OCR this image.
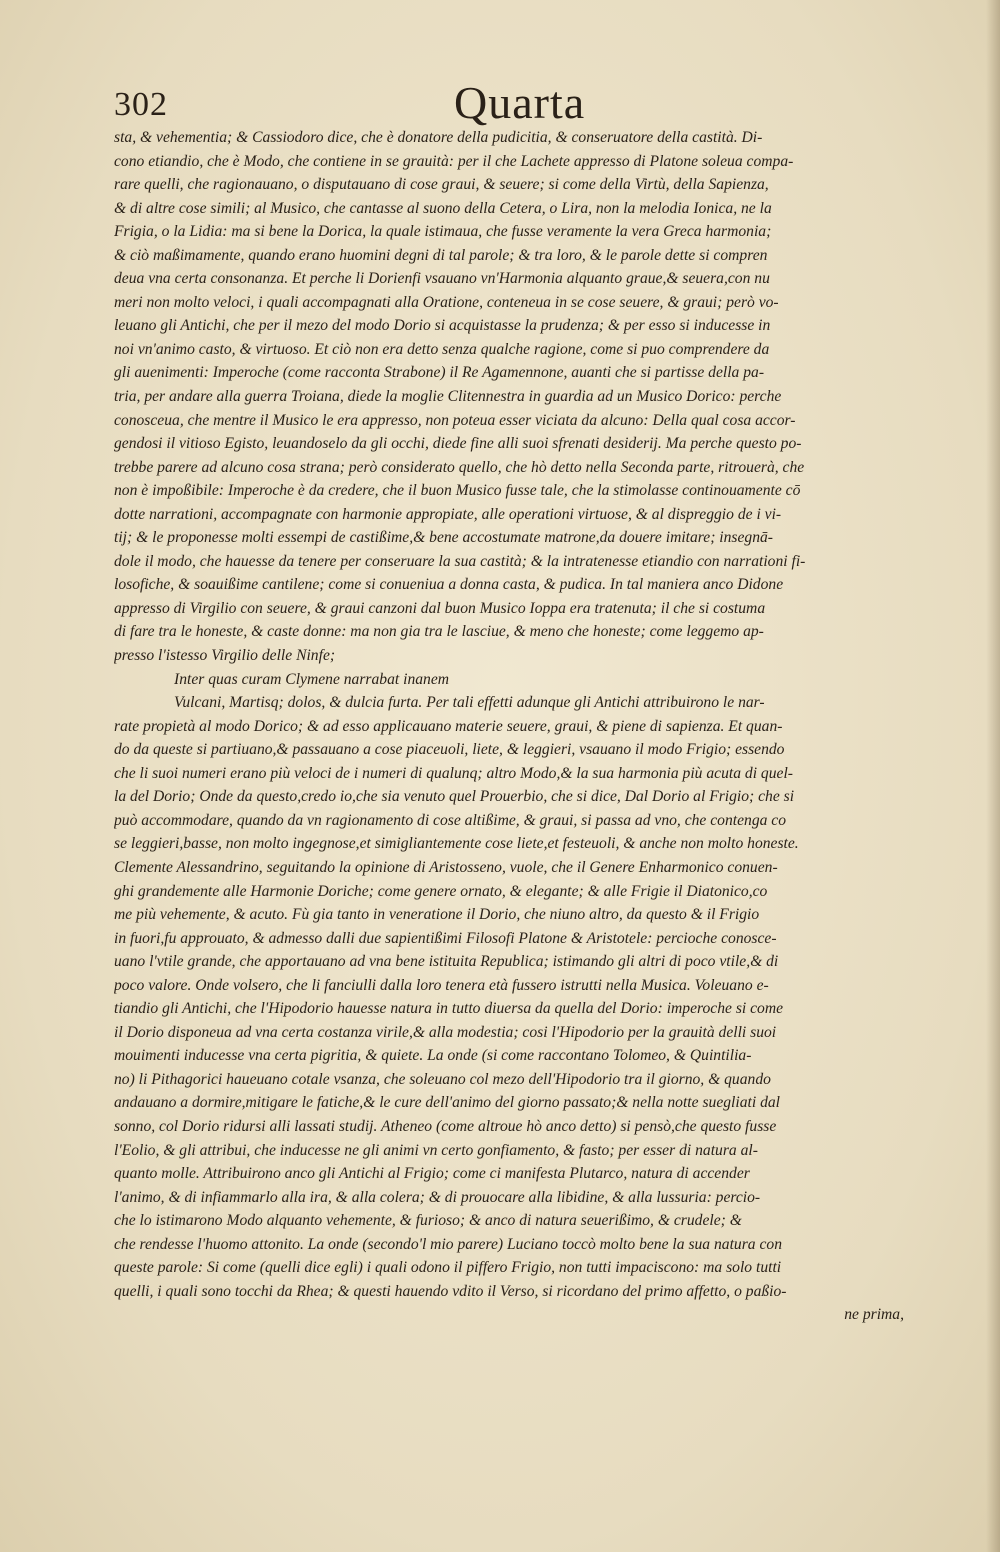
302	Quarta
sta, & vehementia; & Cassiodoro dice, che è donatore della pudicitia, & conseruatore della castità. Di-
cono etiandio, che è Modo, che contiene in se grauità: per il che Lachete appresso di Platone soleua compa-
rare quelli, che ragionauano, o disputauano di cose graui, & seuere; si come della Virtù, della Sapienza,
& di altre cose simili; al Musico, che cantasse al suono della Cetera, o Lira, non la melodia Ionica, ne la
Frigia, o la Lidia: ma si bene la Dorica, la quale istimaua, che fusse veramente la vera Greca harmonia;
& ciò maßimamente, quando erano huomini degni di tal parole; & tra loro, & le parole dette si compren
deua vna certa consonanza. Et perche li Dorienfi vsauano vn'Harmonia alquanto graue,& seuera,con nu
meri non molto veloci, i quali accompagnati alla Oratione, conteneua in se cose seuere, & graui; però vo-
leuano gli Antichi, che per il mezo del modo Dorio si acquistasse la prudenza; & per esso si inducesse in
noi vn'animo casto, & virtuoso. Et ciò non era detto senza qualche ragione, come si puo comprendere da
gli auenimenti: Imperoche (come racconta Strabone) il Re Agamennone, auanti che si partisse della pa-
tria, per andare alla guerra Troiana, diede la moglie Clitennestra in guardia ad un Musico Dorico: perche
conosceua, che mentre il Musico le era appresso, non poteua esser viciata da alcuno: Della qual cosa accor-
gendosi il vitioso Egisto, leuandoselo da gli occhi, diede fine alli suoi sfrenati desiderij. Ma perche questo po-
trebbe parere ad alcuno cosa strana; però considerato quello, che hò detto nella Seconda parte, ritrouerà, che
non è impoßibile: Imperoche è da credere, che il buon Musico fusse tale, che la stimolasse continouamente cō
dotte narrationi, accompagnate con harmonie appropiate, alle operationi virtuose, & al dispreggio de i vi-
tij; & le proponesse molti essempi de castißime,& bene accostumate matrone,da douere imitare; insegnā-
dole il modo, che hauesse da tenere per conseruare la sua castità; & la intratenesse etiandio con narrationi fi-
losofiche, & soauißime cantilene; come si conueniua a donna casta, & pudica. In tal maniera anco Didone
appresso di Virgilio con seuere, & graui canzoni dal buon Musico Ioppa era tratenuta; il che si costuma
di fare tra le honeste, & caste donne: ma non gia tra le lasciue, & meno che honeste; come leggemo ap-
presso l'istesso Virgilio delle Ninfe;
Inter quas curam Clymene narrabat inanem
Vulcani, Martisq; dolos, & dulcia furta. Per tali effetti adunque gli Antichi attribuirono le nar-
rate propietà al modo Dorico; & ad esso applicauano materie seuere, graui, & piene di sapienza. Et quan-
do da queste si partiuano,& passauano a cose piaceuoli, liete, & leggieri, vsauano il modo Frigio; essendo
che li suoi numeri erano più veloci de i numeri di qualunq; altro Modo,& la sua harmonia più acuta di quel-
la del Dorio; Onde da questo,credo io,che sia venuto quel Prouerbio, che si dice, Dal Dorio al Frigio; che si
può accommodare, quando da vn ragionamento di cose altißime, & graui, si passa ad vno, che contenga co
se leggieri,basse, non molto ingegnose,et simigliantemente cose liete,et festeuoli, & anche non molto honeste.
Clemente Alessandrino, seguitando la opinione di Aristosseno, vuole, che il Genere Enharmonico conuen-
ghi grandemente alle Harmonie Doriche; come genere ornato, & elegante; & alle Frigie il Diatonico,co
me più vehemente, & acuto. Fù gia tanto in veneratione il Dorio, che niuno altro, da questo & il Frigio
in fuori,fu approuato, & admesso dalli due sapientißimi Filosofi Platone & Aristotele: percioche conosce-
uano l'vtile grande, che apportauano ad vna bene istituita Republica; istimando gli altri di poco vtile,& di
poco valore. Onde volsero, che li fanciulli dalla loro tenera età fussero istrutti nella Musica. Voleuano e-
tiandio gli Antichi, che l'Hipodorio hauesse natura in tutto diuersa da quella del Dorio: imperoche si come
il Dorio disponeua ad vna certa costanza virile,& alla modestia; cosi l'Hipodorio per la grauità delli suoi
mouimenti inducesse vna certa pigritia, & quiete. La onde (si come raccontano Tolomeo, & Quintilia-
no) li Pithagorici haueuano cotale vsanza, che soleuano col mezo dell'Hipodorio tra il giorno, & quando
andauano a dormire,mitigare le fatiche,& le cure dell'animo del giorno passato;& nella notte suegliati dal
sonno, col Dorio ridursi alli lassati studij. Atheneo (come altroue hò anco detto) si pensò,che questo fusse
l'Eolio, & gli attribui, che inducesse ne gli animi vn certo gonfiamento, & fasto; per esser di natura al-
quanto molle. Attribuirono anco gli Antichi al Frigio; come ci manifesta Plutarco, natura di accender
l'animo, & di infiammarlo alla ira, & alla colera; & di prouocare alla libidine, & alla lussuria: percio-
che lo istimarono Modo alquanto vehemente, & furioso; & anco di natura seuerißimo, & crudele; &
che rendesse l'huomo attonito. La onde (secondo'l mio parere) Luciano toccò molto bene la sua natura con
queste parole: Si come (quelli dice egli) i quali odono il piffero Frigio, non tutti impaciscono: ma solo tutti
quelli, i quali sono tocchi da Rhea; & questi hauendo vdito il Verso, si ricordano del primo affetto, o paßio-
ne prima,
